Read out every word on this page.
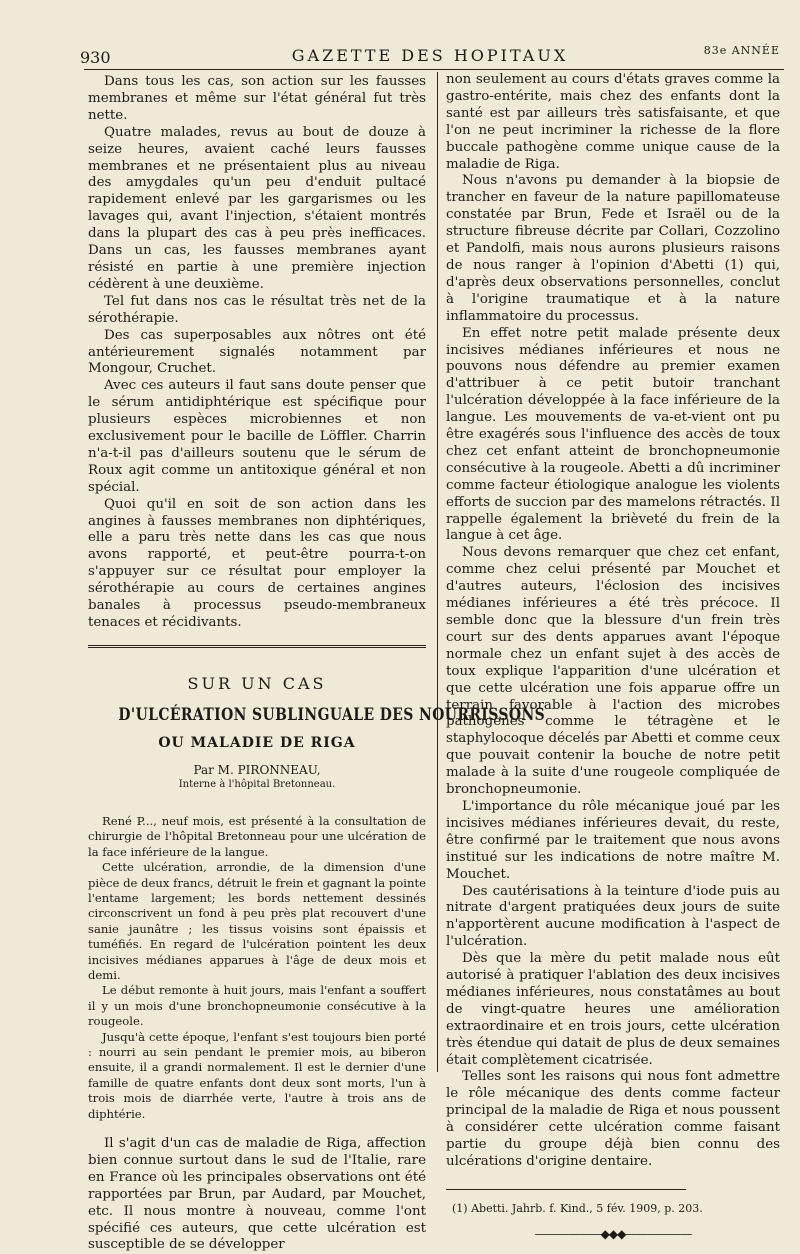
930	GAZETTE DES HOPITAUX	83e ANNÉE

Dans tous les cas, son action sur les fausses membranes et même sur l'état général fut très nette.

Quatre malades, revus au bout de douze à seize heures, avaient caché leurs fausses membranes et ne présentaient plus au niveau des amygdales qu'un peu d'enduit pultacé rapidement enlevé par les gargarismes ou les lavages qui, avant l'injection, s'étaient montrés dans la plupart des cas à peu près inefficaces. Dans un cas, les fausses membranes ayant résisté en partie à une première injection cédèrent à une deuxième.

Tel fut dans nos cas le résultat très net de la sérothérapie.

Des cas superposables aux nôtres ont été antérieurement signalés notamment par Mongour, Cruchet.

Avec ces auteurs il faut sans doute penser que le sérum antidiphtérique est spécifique pour plusieurs espèces microbiennes et non exclusivement pour le bacille de Löffler. Charrin n'a-t-il pas d'ailleurs soutenu que le sérum de Roux agit comme un antitoxique général et non spécial.

Quoi qu'il en soit de son action dans les angines à fausses membranes non diphtériques, elle a paru très nette dans les cas que nous avons rapporté, et peut-être pourra-t-on s'appuyer sur ce résultat pour employer la sérothérapie au cours de certaines angines banales à processus pseudo-membraneux tenaces et récidivants.

SUR UN CAS
D'ULCÉRATION SUBLINGUALE DES NOURRISSONS
OU MALADIE DE RIGA
Par M. PIRONNEAU,
Interne à l'hôpital Bretonneau.

René P..., neuf mois, est présenté à la consultation de chirurgie de l'hôpital Bretonneau pour une ulcération de la face inférieure de la langue.

Cette ulcération, arrondie, de la dimension d'une pièce de deux francs, détruit le frein et gagnant la pointe l'entame largement; les bords nettement dessinés circonscrivent un fond à peu près plat recouvert d'une sanie jaunâtre ; les tissus voisins sont épaissis et tuméfiés. En regard de l'ulcération pointent les deux incisives médianes apparues à l'âge de deux mois et demi.

Le début remonte à huit jours, mais l'enfant a souffert il y un mois d'une bronchopneumonie consécutive à la rougeole.

Jusqu'à cette époque, l'enfant s'est toujours bien porté : nourri au sein pendant le premier mois, au biberon ensuite, il a grandi normalement. Il est le dernier d'une famille de quatre enfants dont deux sont morts, l'un à trois mois de diarrhée verte, l'autre à trois ans de diphtérie.

Il s'agit d'un cas de maladie de Riga, affection bien connue surtout dans le sud de l'Italie, rare en France où les principales observations ont été rapportées par Brun, par Audard, par Mouchet, etc. Il nous montre à nouveau, comme l'ont spécifié ces auteurs, que cette ulcération est susceptible de se développer

non seulement au cours d'états graves comme la gastro-entérite, mais chez des enfants dont la santé est par ailleurs très satisfaisante, et que l'on ne peut incriminer la richesse de la flore buccale pathogène comme unique cause de la maladie de Riga.

Nous n'avons pu demander à la biopsie de trancher en faveur de la nature papillomateuse constatée par Brun, Fede et Israël ou de la structure fibreuse décrite par Collari, Cozzolino et Pandolfi, mais nous aurons plusieurs raisons de nous ranger à l'opinion d'Abetti (1) qui, d'après deux observations personnelles, conclut à l'origine traumatique et à la nature inflammatoire du processus.

En effet notre petit malade présente deux incisives médianes inférieures et nous ne pouvons nous défendre au premier examen d'attribuer à ce petit butoir tranchant l'ulcération développée à la face inférieure de la langue. Les mouvements de va-et-vient ont pu être exagérés sous l'influence des accès de toux chez cet enfant atteint de bronchopneumonie consécutive à la rougeole. Abetti a dû incriminer comme facteur étiologique analogue les violents efforts de succion par des mamelons rétractés. Il rappelle également la brièveté du frein de la langue à cet âge.

Nous devons remarquer que chez cet enfant, comme chez celui présenté par Mouchet et d'autres auteurs, l'éclosion des incisives médianes inférieures a été très précoce. Il semble donc que la blessure d'un frein très court sur des dents apparues avant l'époque normale chez un enfant sujet à des accès de toux explique l'apparition d'une ulcération et que cette ulcération une fois apparue offre un terrain favorable à l'action des microbes pathogènes comme le tétragène et le staphylocoque décelés par Abetti et comme ceux que pouvait contenir la bouche de notre petit malade à la suite d'une rougeole compliquée de bronchopneumonie.

L'importance du rôle mécanique joué par les incisives médianes inférieures devait, du reste, être confirmé par le traitement que nous avons institué sur les indications de notre maître M. Mouchet.

Des cautérisations à la teinture d'iode puis au nitrate d'argent pratiquées deux jours de suite n'apportèrent aucune modification à l'aspect de l'ulcération.

Dès que la mère du petit malade nous eût autorisé à pratiquer l'ablation des deux incisives médianes inférieures, nous constatâmes au bout de vingt-quatre heures une amélioration extraordinaire et en trois jours, cette ulcération très étendue qui datait de plus de deux semaines était complètement cicatrisée.

Telles sont les raisons qui nous font admettre le rôle mécanique des dents comme facteur principal de la maladie de Riga et nous poussent à considérer cette ulcération comme faisant partie du groupe déjà bien connu des ulcérations d'origine dentaire.

(1) Abetti. Jahrb. f. Kind., 5 fév. 1909, p. 203.
——————◆◆◆——————
